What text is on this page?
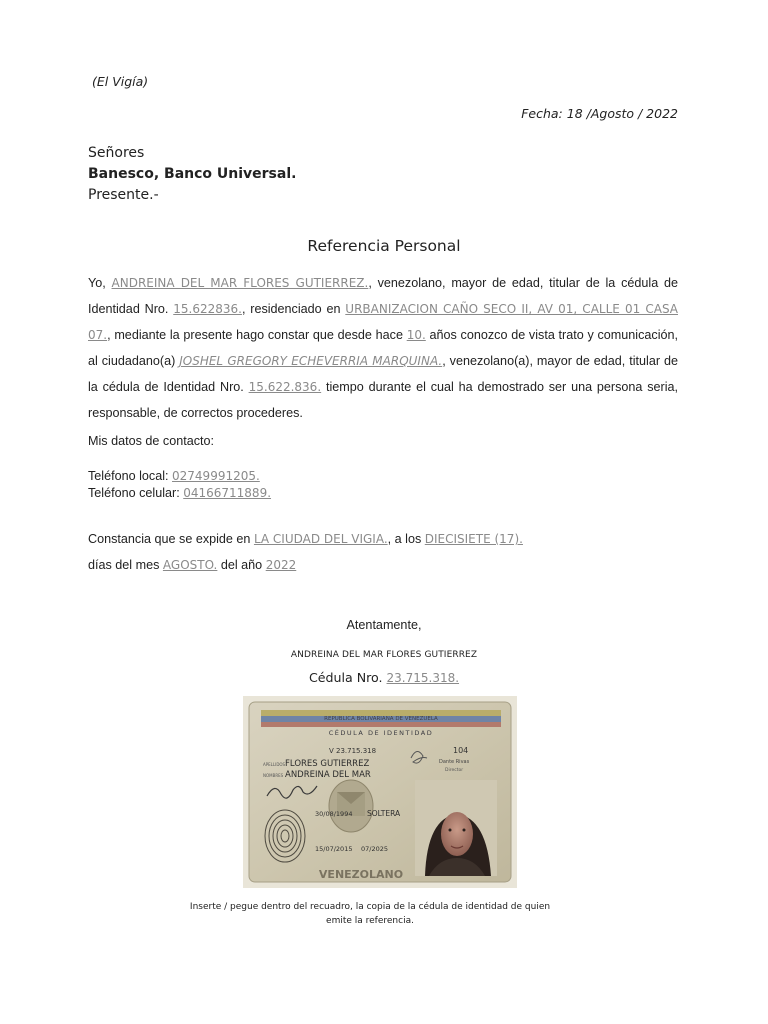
(El Vigía)
Fecha: 18 /Agosto / 2022
Señores
Banesco, Banco Universal.
Presente.-
Referencia Personal
Yo, ANDREINA DEL MAR FLORES GUTIERREZ., venezolano, mayor de edad, titular de la cédula de Identidad Nro. 15.622836., residenciado en URBANIZACION CAÑO SECO II, AV 01, CALLE 01 CASA 07., mediante la presente hago constar que desde hace 10. años conozco de vista trato y comunicación, al ciudadano(a) JOSHEL GREGORY ECHEVERRIA MARQUINA., venezolano(a), mayor de edad, titular de la cédula de Identidad Nro. 15.622.836. tiempo durante el cual ha demostrado ser una persona seria, responsable, de correctos procederes.
Mis datos de contacto:
Teléfono local: 02749991205.
Teléfono celular: 04166711889.
Constancia que se expide en LA CIUDAD DEL VIGIA., a los DIECISIETE (17).
días del mes AGOSTO. del año 2022
Atentamente,
ANDREINA DEL MAR FLORES GUTIERREZ
Cédula Nro. 23.715.318.
REPUBLICA BOLIVARIANA DE VENEZUELA
CÉDULA DE IDENTIDAD
V 23.715.318	104
Dante Rivas
Director
APELLIDOS FLORES GUTIERREZ
NOMBRES ANDREINA DEL MAR
30/08/1994 SOLTERA
15/07/2015 07/2025
VENEZOLANO
Inserte / pegue dentro del recuadro, la copia de la cédula de identidad de quien emite la referencia.
